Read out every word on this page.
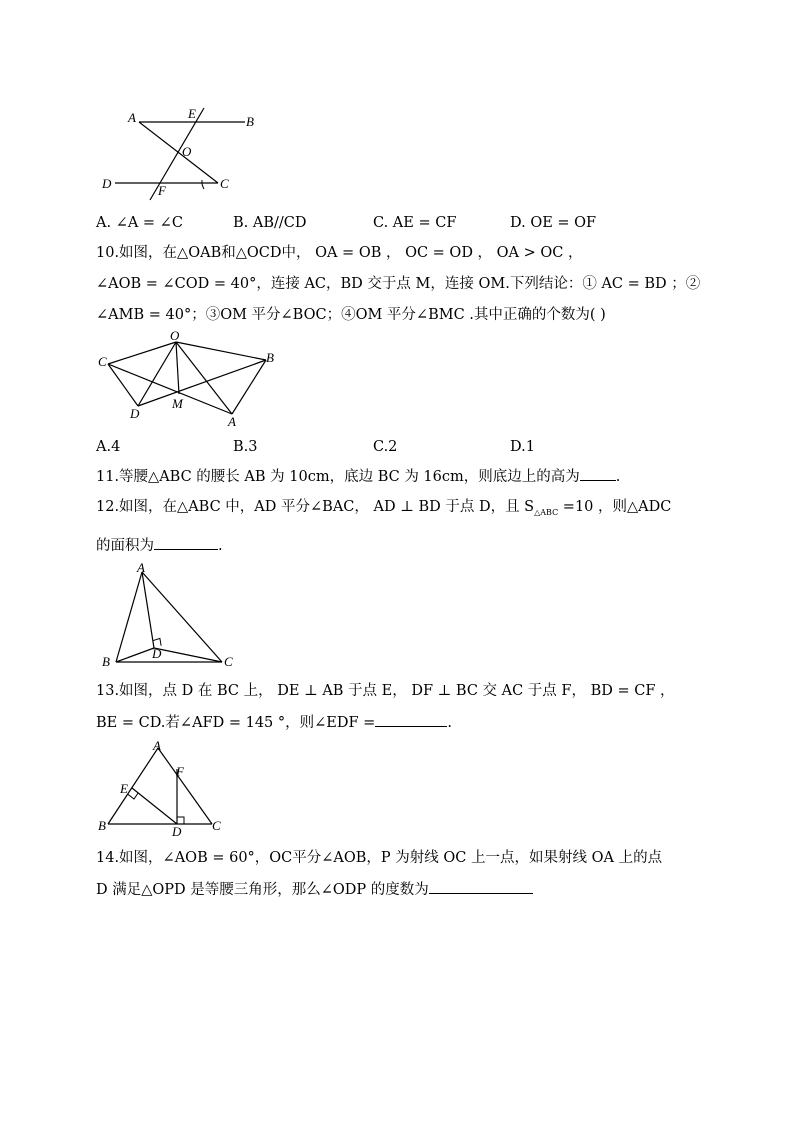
A	E
B
O
D	F	C
A. ∠A = ∠C	B. AB//CD	C. AE = CF	D. OE = OF
10.如图，在△OAB和△OCD中， OA = OB ， OC = OD ， OA > OC ，
∠AOB = ∠COD = 40°，连接 AC，BD 交于点 M，连接 OM.下列结论：① AC = BD ；②
∠AMB = 40°；③OM 平分∠BOC；④OM 平分∠BMC .其中正确的个数为( )
O
C	B
D
M
A
A.4	B.3	C.2	D.1
11.等腰△ABC 的腰长 AB 为 10cm，底边 BC 为 16cm，则底边上的高为 .
12.如图，在△ABC 中，AD 平分∠BAC， AD ⊥ BD 于点 D，且 $S_{\triangle ABC} =10$ ，则△ADC
的面积为	.
A
B
D
C
13.如图，点 D 在 BC 上， DE ⊥ AB 于点 E， DF ⊥ BC 交 AC 于点 F， BD = CF ，
BE = CD.若∠AFD = 145 °，则∠EDF =	.
A
F
E
B	D C
14.如图，∠AOB = 60°，OC平分∠AOB，P 为射线 OC 上一点，如果射线 OA 上的点
D 满足△OPD 是等腰三角形，那么∠ODP 的度数为
